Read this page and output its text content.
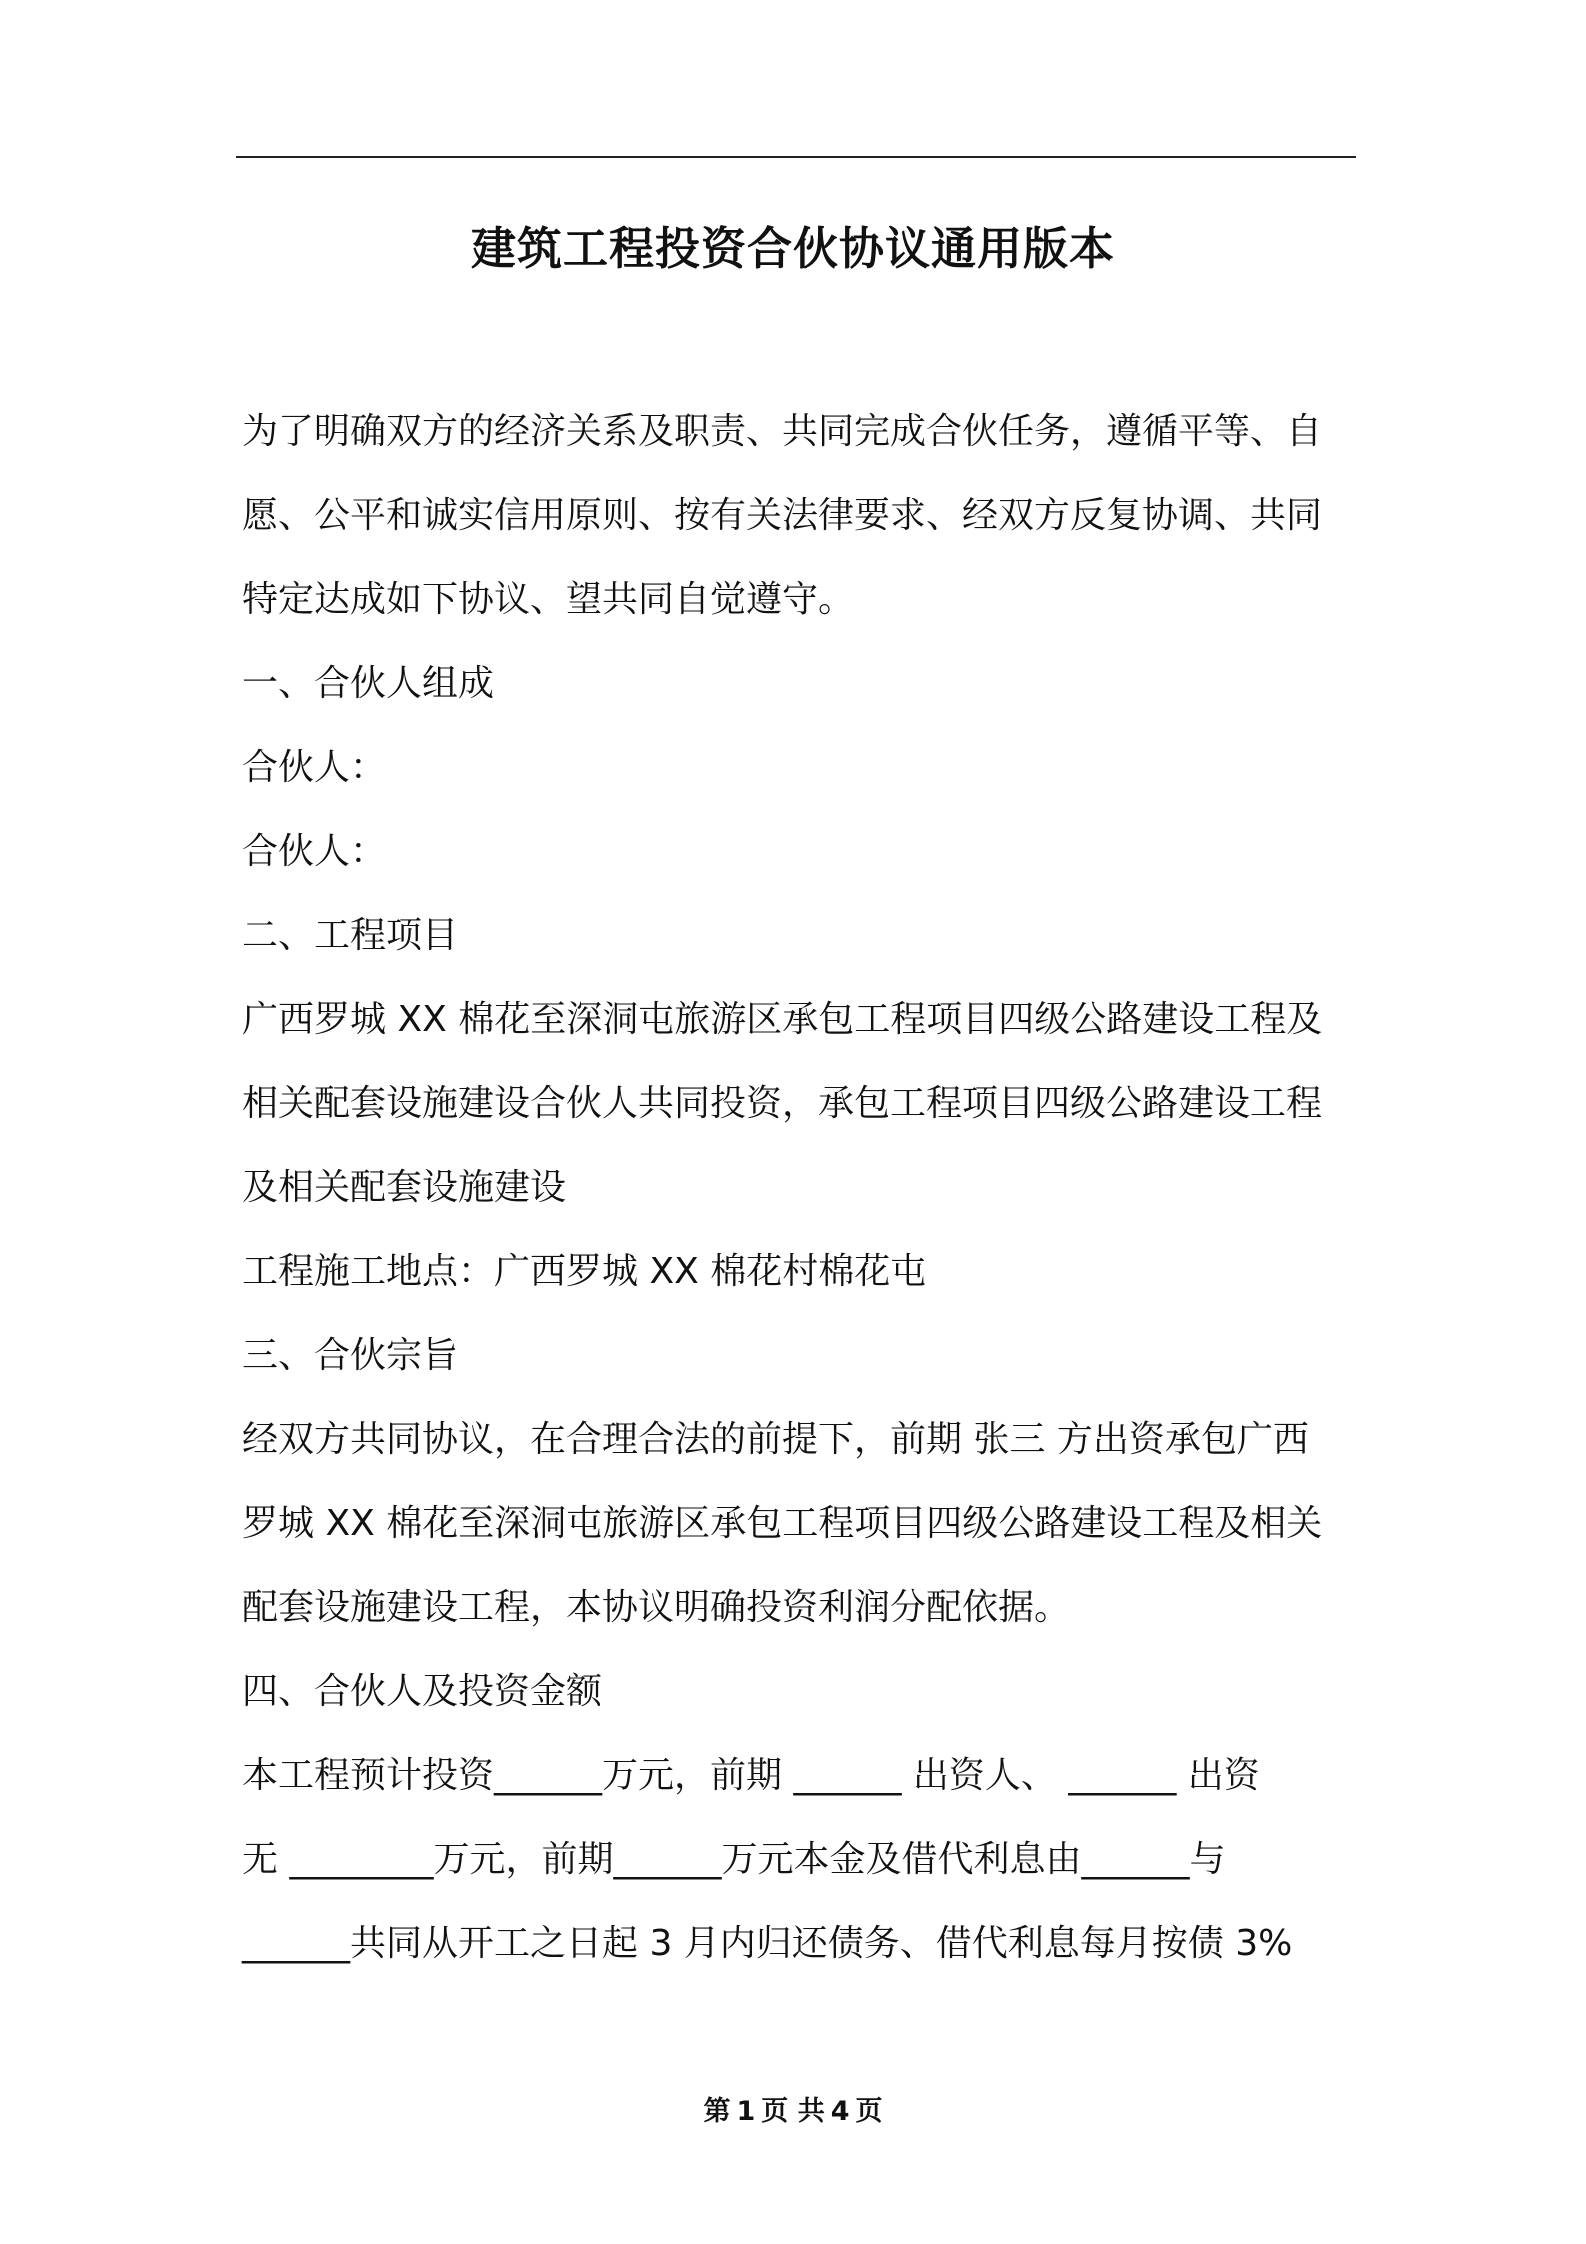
建筑工程投资合伙协议通用版本
为了明确双方的经济关系及职责、共同完成合伙任务，遵循平等、自
愿、公平和诚实信用原则、按有关法律要求、经双方反复协调、共同
特定达成如下协议、望共同自觉遵守。
一、合伙人组成
合伙人：
合伙人：
二、工程项目
广西罗城 XX 棉花至深洞屯旅游区承包工程项目四级公路建设工程及
相关配套设施建设合伙人共同投资，承包工程项目四级公路建设工程
及相关配套设施建设
工程施工地点：广西罗城 XX 棉花村棉花屯
三、合伙宗旨
经双方共同协议，在合理合法的前提下，前期 张三 方出资承包广西
罗城 XX 棉花至深洞屯旅游区承包工程项目四级公路建设工程及相关
配套设施建设工程，本协议明确投资利润分配依据。
四、合伙人及投资金额
本工程预计投资______万元，前期 ______ 出资人、 ______ 出资
无 ________万元，前期______万元本金及借代利息由______与
______共同从开工之日起 3 月内归还债务、借代利息每月按债 3%
第 1 页 共 4 页
